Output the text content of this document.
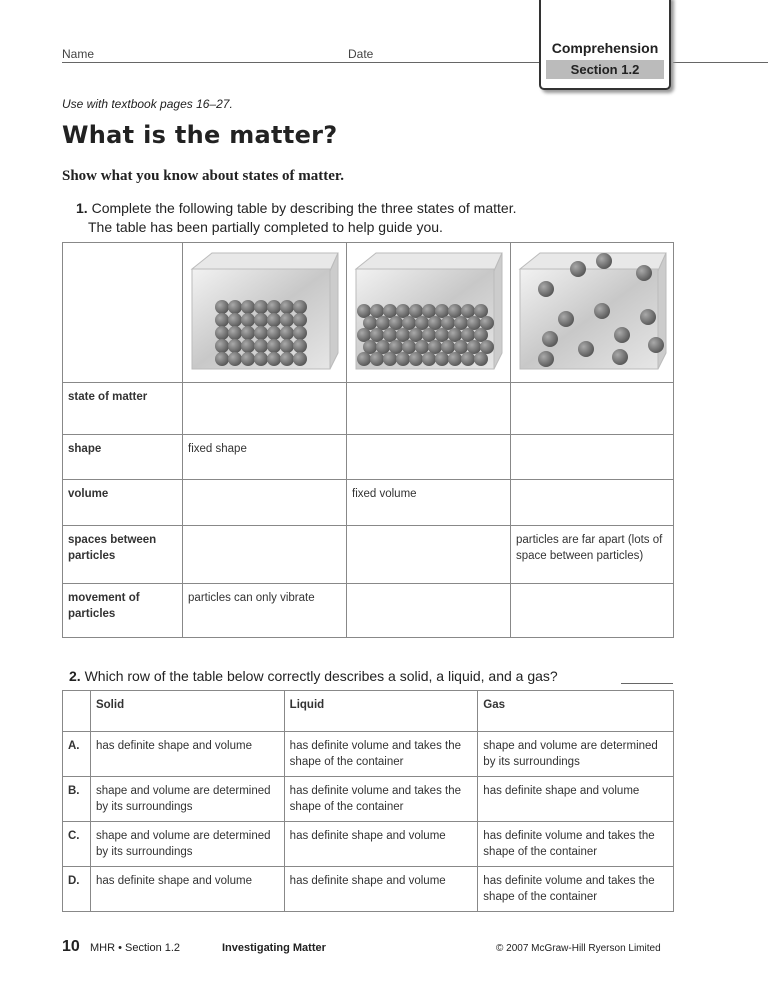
Name	Date	Comprehension
Section 1.2
Use with textbook pages 16–27.
What is the matter?
Show what you know about states of matter.
1. Complete the following table by describing the three states of matter.
The table has been partially completed to help guide you.

state of matter			
shape	fixed shape		
volume		fixed volume	
spaces between particles			particles are far apart (lots of space between particles)
movement of particles	particles can only vibrate		
2. Which row of the table below correctly describes a solid, a liquid, and a gas?
	Solid	Liquid	Gas
A.	has definite shape and volume	has definite volume and takes the shape of the container	shape and volume are determined by its surroundings
B.	shape and volume are determined by its surroundings	has definite volume and takes the shape of the container	has definite shape and volume
C.	shape and volume are determined by its surroundings	has definite shape and volume	has definite volume and takes the shape of the container
D.	has definite shape and volume	has definite shape and volume	has definite volume and takes the shape of the container
10 MHR • Section 1.2	Investigating Matter	© 2007 McGraw-Hill Ryerson Limited
